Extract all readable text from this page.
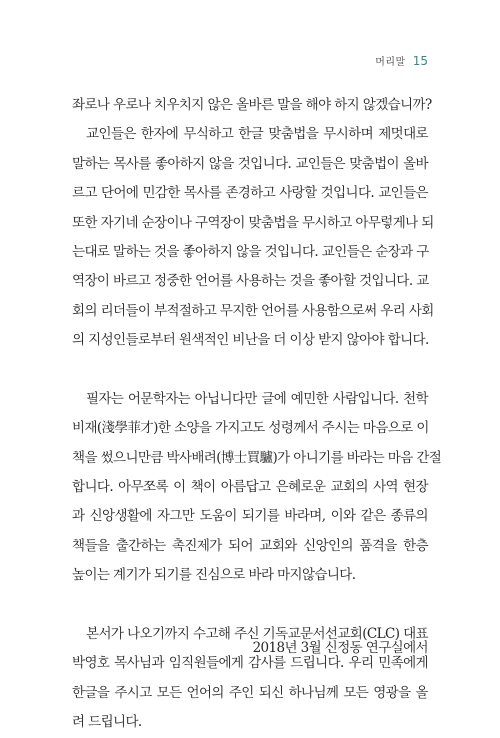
머리말 15
좌로나 우로나 치우치지 않은 올바른 말을 해야 하지 않겠습니까?
교인들은 한자에 무식하고 한글 맞춤법을 무시하며 제멋대로
말하는 목사를 좋아하지 않을 것입니다. 교인들은 맞춤법이 올바
르고 단어에 민감한 목사를 존경하고 사랑할 것입니다. 교인들은
또한 자기네 순장이나 구역장이 맞춤법을 무시하고 아무렇게나 되
는대로 말하는 것을 좋아하지 않을 것입니다. 교인들은 순장과 구
역장이 바르고 정중한 언어를 사용하는 것을 좋아할 것입니다. 교
회의 리더들이 부적절하고 무지한 언어를 사용함으로써 우리 사회
의 지성인들로부터 원색적인 비난을 더 이상 받지 않아야 합니다.
필자는 어문학자는 아닙니다만 글에 예민한 사람입니다. 천학
비재(淺學菲才)한 소양을 가지고도 성령께서 주시는 마음으로 이
책을 썼으니만큼 박사배려(博士買驢)가 아니기를 바라는 마음 간절
합니다. 아무쪼록 이 책이 아름답고 은혜로운 교회의 사역 현장
과 신앙생활에 자그만 도움이 되기를 바라며, 이와 같은 종류의
책들을 출간하는 촉진제가 되어 교회와 신앙인의 품격을 한층
높이는 계기가 되기를 진심으로 바라 마지않습니다.
본서가 나오기까지 수고해 주신 기독교문서선교회(CLC) 대표
박영호 목사님과 임직원들에게 감사를 드립니다. 우리 민족에게
한글을 주시고 모든 언어의 주인 되신 하나님께 모든 영광을 올
려 드립니다.
2018년 3월 신정동 연구실에서
